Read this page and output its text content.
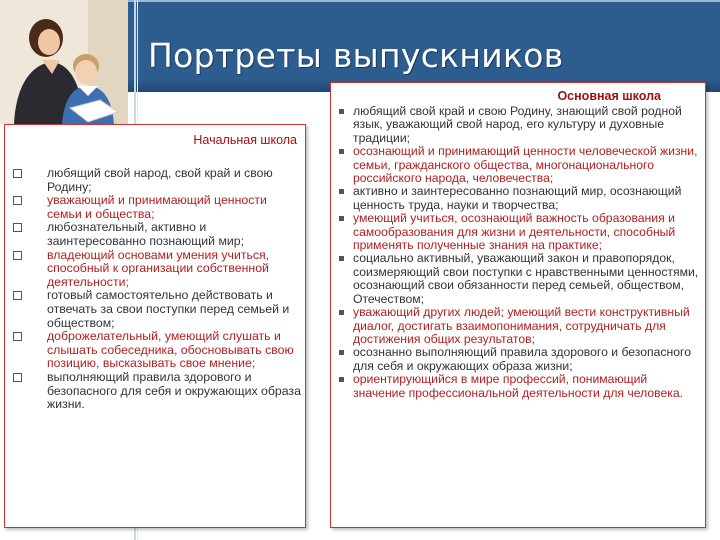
Портреты выпускников
Начальная школа
любящий свой народ, свой край и свою Родину;
уважающий и принимающий ценности семьи и общества;
любознательный, активно и заинтересованно познающий мир;
владеющий основами умения учиться, способный к организации собственной деятельности;
готовый самостоятельно действовать и отвечать за свои поступки перед семьей и обществом;
доброжелательный, умеющий слушать и слышать собеседника, обосновывать свою позицию, высказывать свое мнение;
выполняющий правила здорового и безопасного для себя и окружающих образа жизни.
Основная школа
любящий свой край и свою Родину, знающий свой родной язык, уважающий свой народ, его культуру и духовные традиции;
осознающий и принимающий ценности человеческой жизни, семьи, гражданского общества, многонационального российского народа, человечества;
активно и заинтересованно познающий мир, осознающий ценность труда, науки и творчества;
умеющий учиться, осознающий важность образования и самообразования для жизни и деятельности, способный применять полученные знания на практике;
социально активный, уважающий закон и правопорядок, соизмеряющий свои поступки с нравственными ценностями, осознающий свои обязанности перед семьей, обществом, Отечеством;
уважающий других людей; умеющий вести конструктивный диалог, достигать взаимопонимания, сотрудничать для достижения общих результатов;
осознанно выполняющий правила здорового и безопасного для себя и окружающих образа жизни;
ориентирующийся в мире профессий, понимающий значение профессиональной деятельности для человека.
